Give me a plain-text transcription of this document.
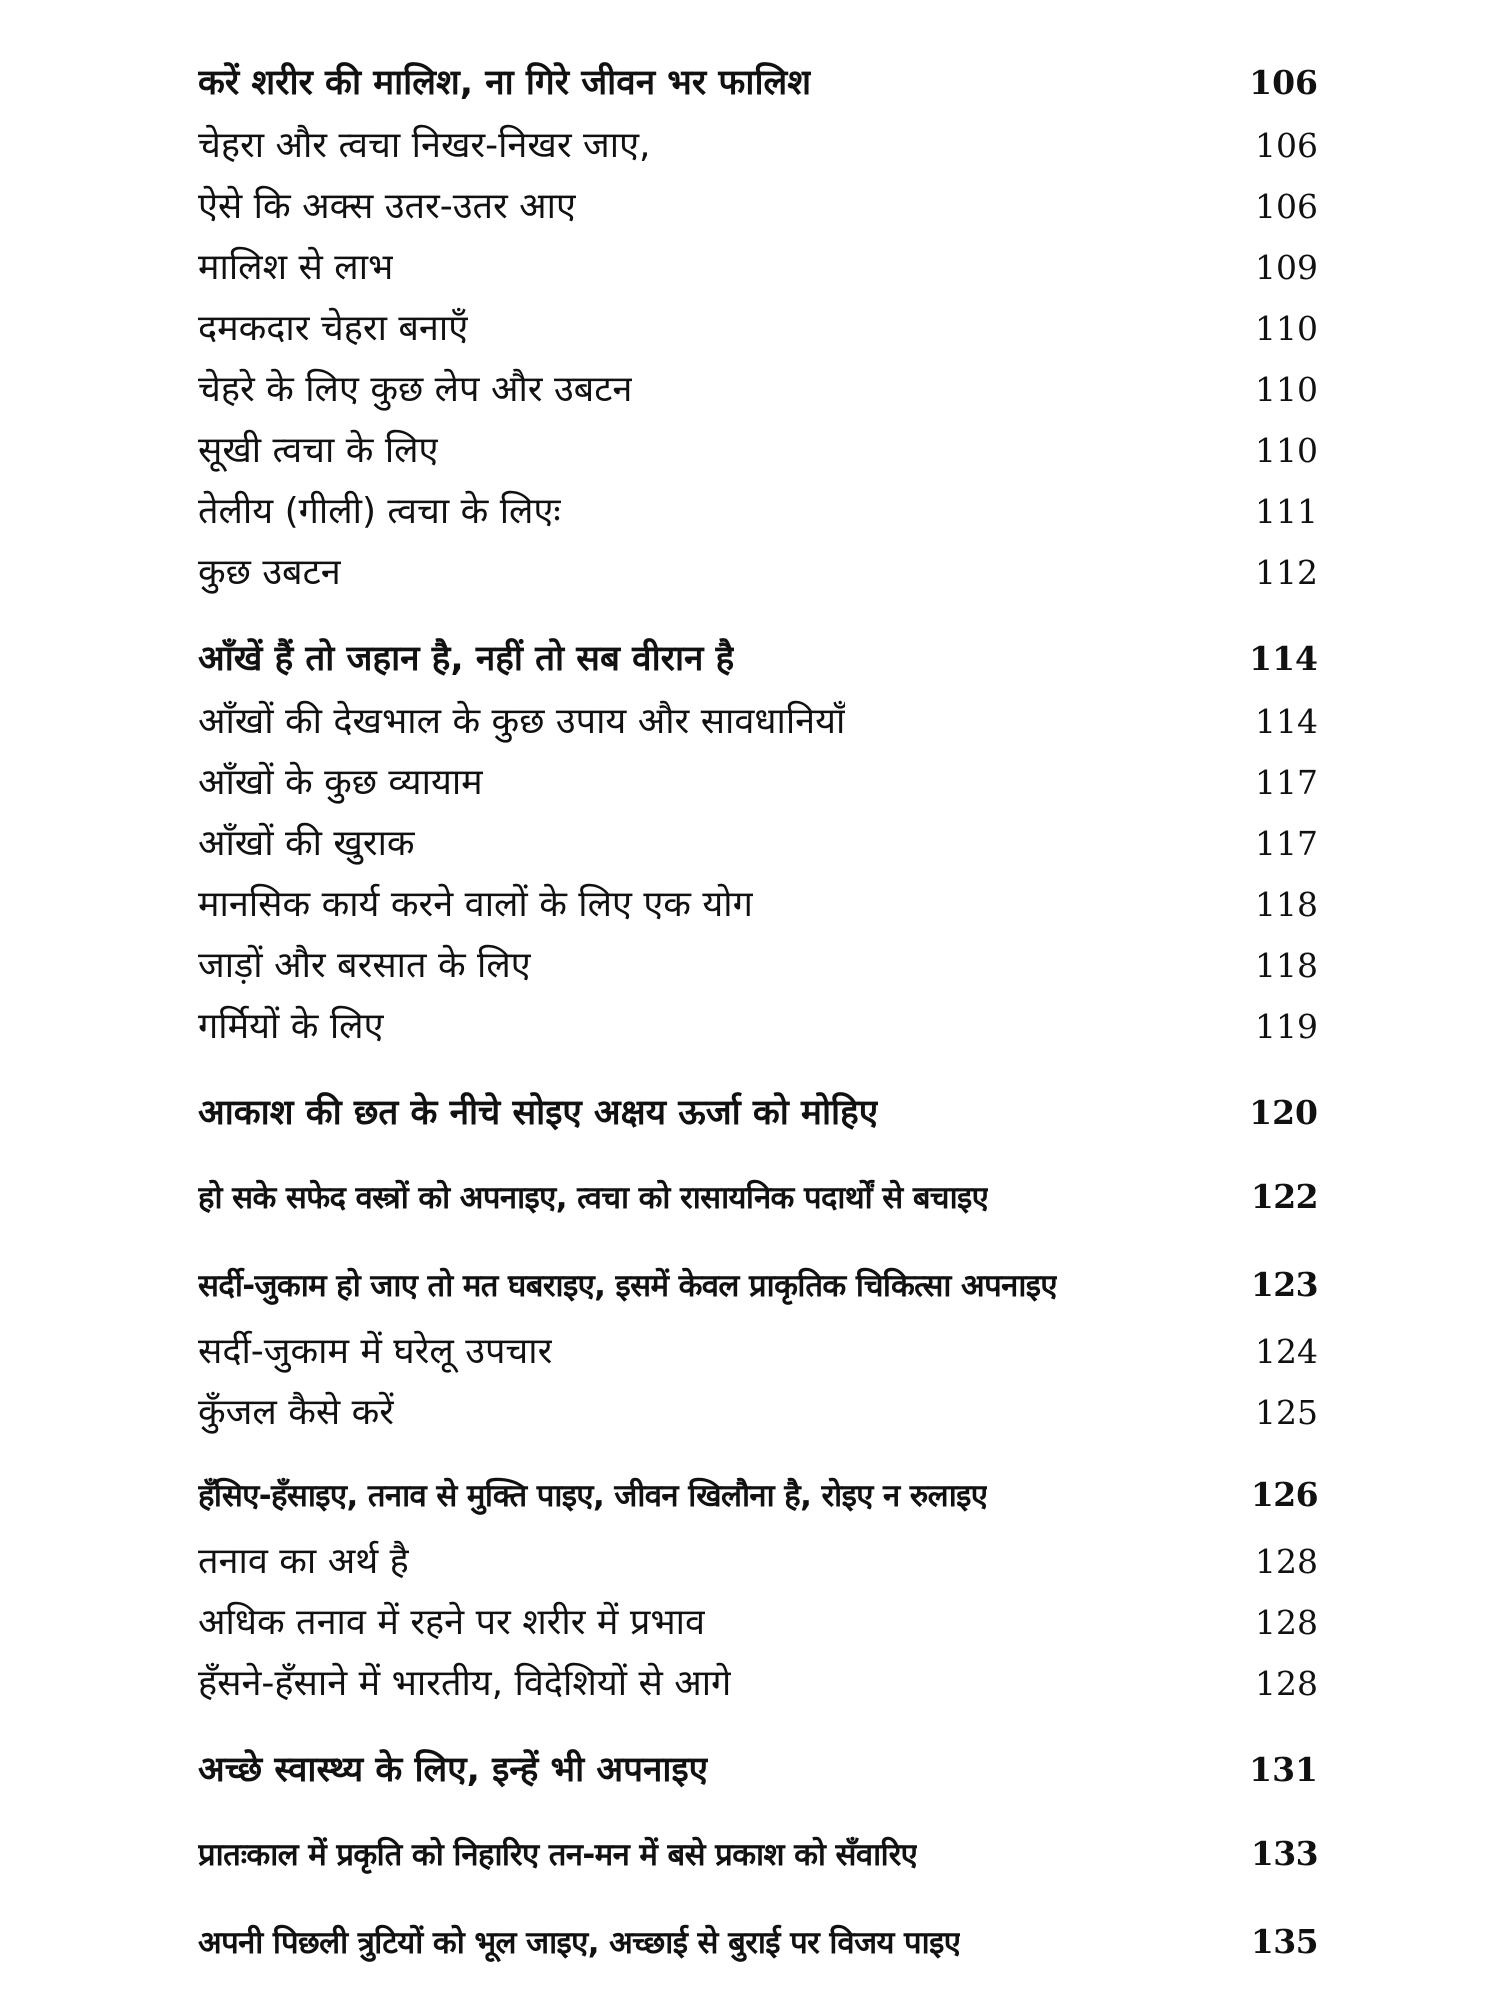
करें शरीर की मालिश, ना गिरे जीवन भर फालिश	106
चेहरा और त्वचा निखर-निखर जाए,	106
ऐसे कि अक्स उतर-उतर आए	106
मालिश से लाभ	109
दमकदार चेहरा बनाएँ	110
चेहरे के लिए कुछ लेप और उबटन	110
सूखी त्वचा के लिए	110
तेलीय (गीली) त्वचा के लिएः	111
कुछ उबटन	112
आँखें हैं तो जहान है, नहीं तो सब वीरान है	114
आँखों की देखभाल के कुछ उपाय और सावधानियाँ	114
आँखों के कुछ व्यायाम	117
आँखों की खुराक	117
मानसिक कार्य करने वालों के लिए एक योग	118
जाड़ों और बरसात के लिए	118
गर्मियों के लिए	119
आकाश की छत के नीचे सोइए अक्षय ऊर्जा को मोहिए	120
हो सके सफेद वस्त्रों को अपनाइए, त्वचा को रासायनिक पदार्थों से बचाइए	122
सर्दी-जुकाम हो जाए तो मत घबराइए, इसमें केवल प्राकृतिक चिकित्सा अपनाइए	123
सर्दी-जुकाम में घरेलू उपचार	124
कुँजल कैसे करें	125
हँसिए-हँसाइए, तनाव से मुक्ति पाइए, जीवन खिलौना है, रोइए न रुलाइए	126
तनाव का अर्थ है	128
अधिक तनाव में रहने पर शरीर में प्रभाव	128
हँसने-हँसाने में भारतीय, विदेशियों से आगे	128
अच्छे स्वास्थ्य के लिए, इन्हें भी अपनाइए	131
प्रातःकाल में प्रकृति को निहारिए तन-मन में बसे प्रकाश को सँवारिए	133
अपनी पिछली त्रुटियों को भूल जाइए, अच्छाई से बुराई पर विजय पाइए	135
